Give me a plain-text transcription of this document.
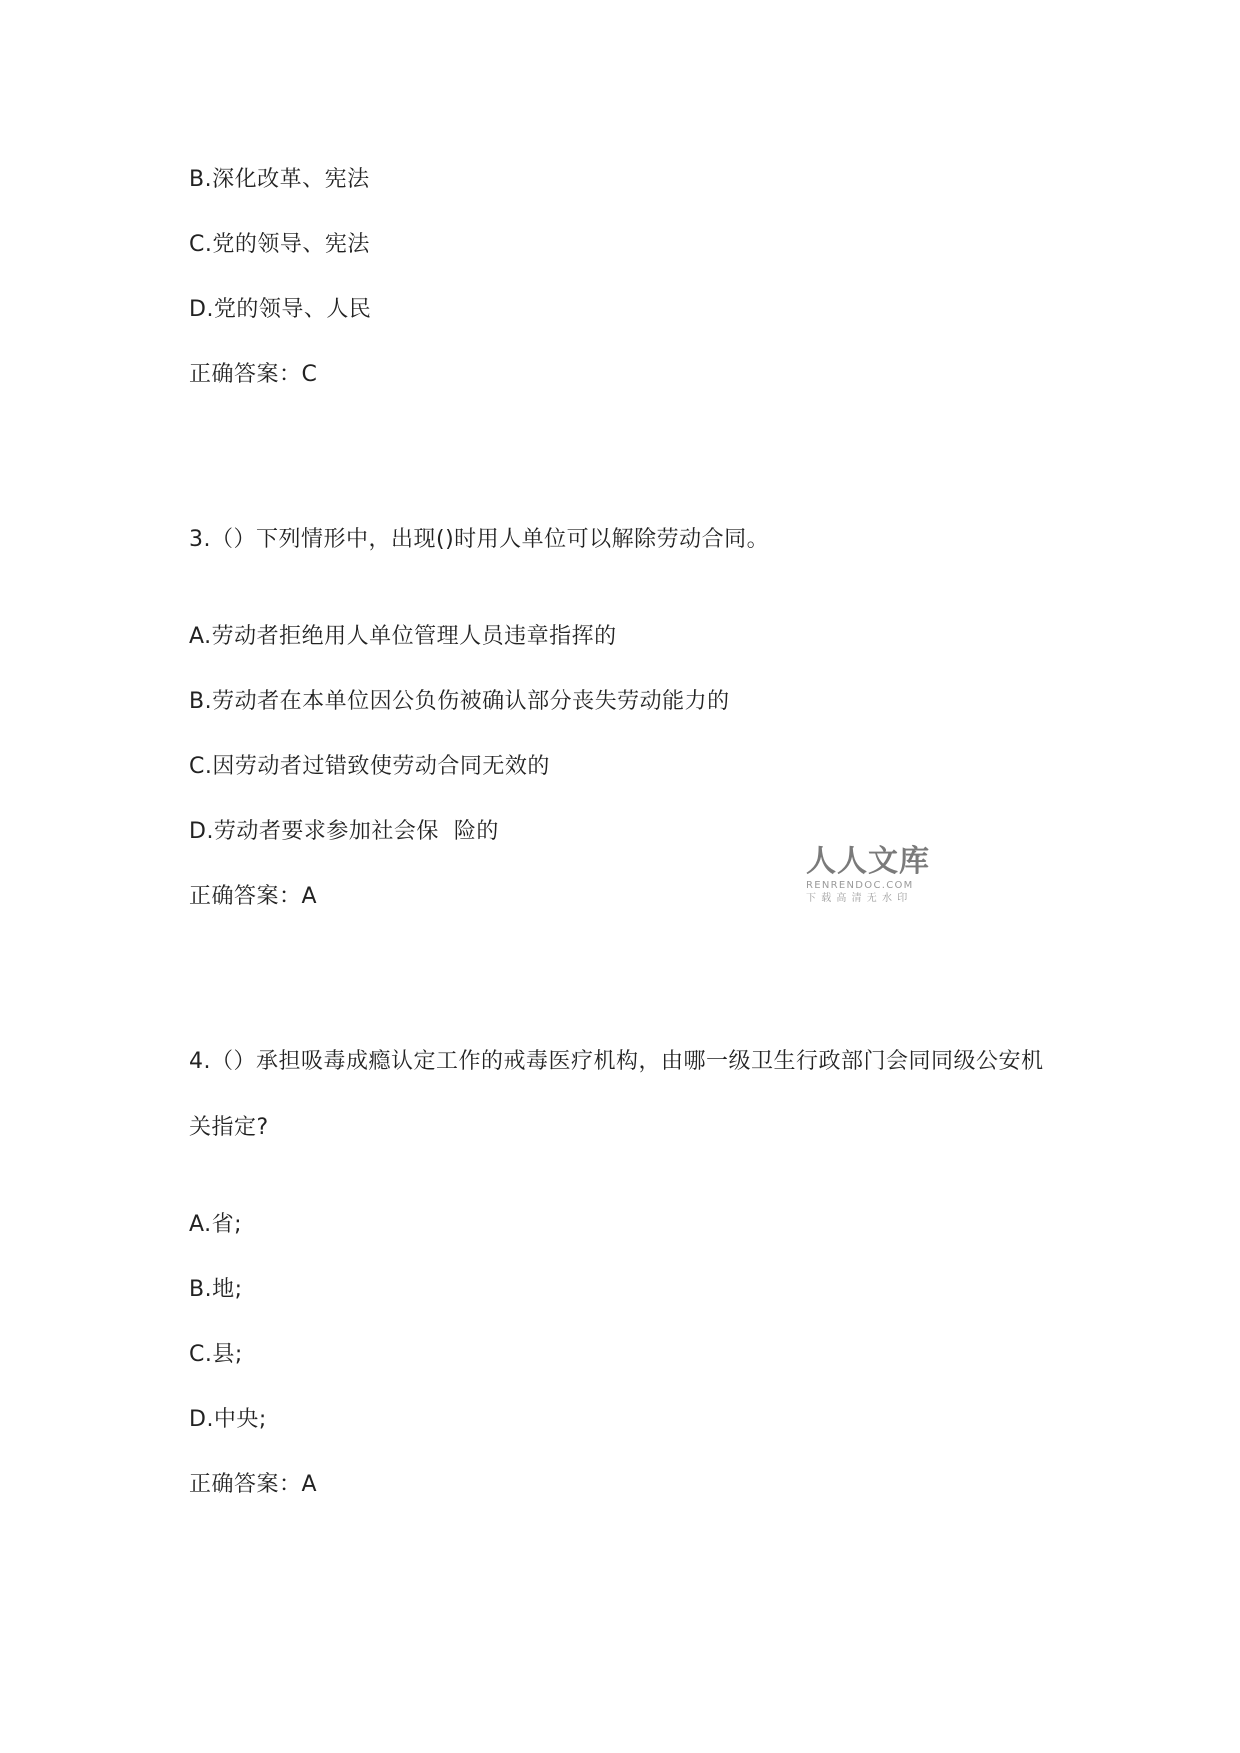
B.深化改革、宪法
C.党的领导、宪法
D.党的领导、人民
正确答案：C
3.（）下列情形中，出现()时用人单位可以解除劳动合同。
A.劳动者拒绝用人单位管理人员违章指挥的
B.劳动者在本单位因公负伤被确认部分丧失劳动能力的
C.因劳动者过错致使劳动合同无效的
D.劳动者要求参加社会保  险的
正确答案：A
人人文库
RENRENDOC.COM
下载高清无水印
4.（）承担吸毒成瘾认定工作的戒毒医疗机构，由哪一级卫生行政部门会同同级公安机
关指定?
A.省;
B.地;
C.县;
D.中央;
正确答案：A
